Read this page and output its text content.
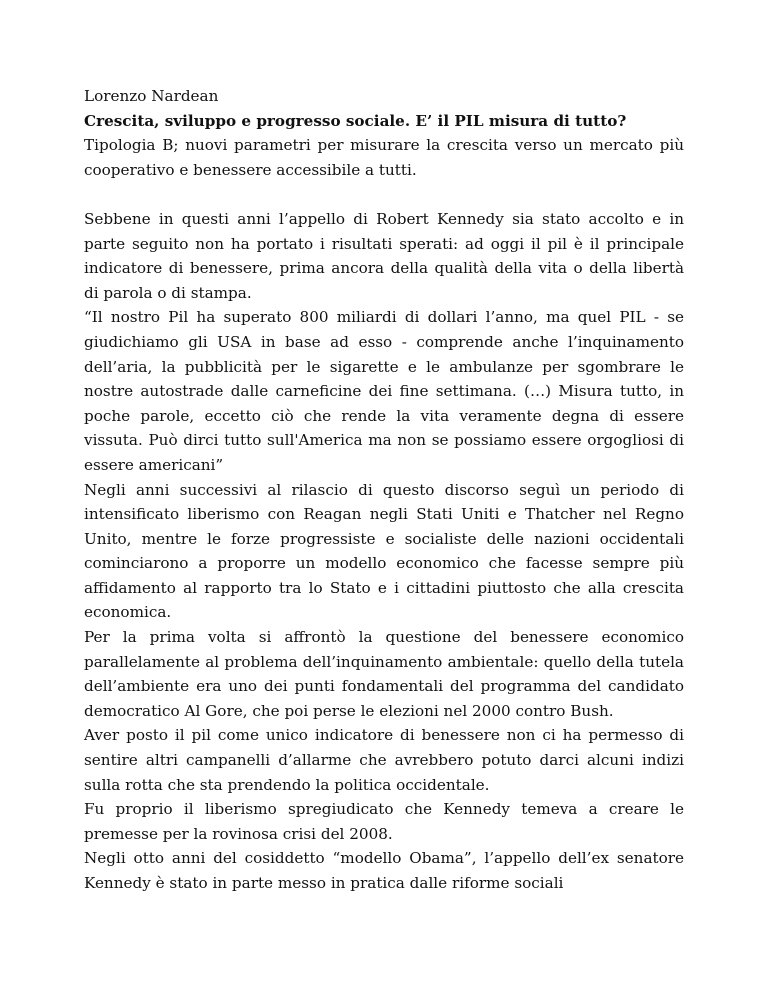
Lorenzo Nardean

Crescita, sviluppo e progresso sociale. E’ il PIL misura di tutto?

Tipologia B; nuovi parametri per misurare la crescita verso un mercato più cooperativo e benessere accessibile a tutti.

Sebbene in questi anni l’appello di Robert Kennedy sia stato accolto e in parte seguito non ha portato i risultati sperati: ad oggi il pil è il principale indicatore di benessere, prima ancora della qualità della vita o della libertà di parola o di stampa.

“Il nostro Pil ha superato 800 miliardi di dollari l’anno, ma quel PIL - se giudichiamo gli USA in base ad esso - comprende anche l’inquinamento dell’aria, la pubblicità per le sigarette e le ambulanze per sgombrare le nostre autostrade dalle carneficine dei fine settimana. (…) Misura tutto, in poche parole, eccetto ciò che rende la vita veramente degna di essere vissuta. Può dirci tutto sull'America ma non se possiamo essere orgogliosi di essere americani”

Negli anni successivi al rilascio di questo discorso seguì un periodo di intensificato liberismo con Reagan negli Stati Uniti e Thatcher nel Regno Unito, mentre le forze progressiste e socialiste delle nazioni occidentali cominciarono a proporre un modello economico che facesse sempre più affidamento al rapporto tra lo Stato e i cittadini piuttosto che alla crescita economica.

Per la prima volta si affrontò la questione del benessere economico parallelamente al problema dell’inquinamento ambientale: quello della tutela dell’ambiente era uno dei punti fondamentali del programma del candidato democratico Al Gore, che poi perse le elezioni nel 2000 contro Bush.

Aver posto il pil come unico indicatore di benessere non ci ha permesso di sentire altri campanelli d’allarme che avrebbero potuto darci alcuni indizi sulla rotta che sta prendendo la politica occidentale.

Fu proprio il liberismo spregiudicato che Kennedy temeva a creare le premesse per la rovinosa crisi del 2008.

Negli otto anni del cosiddetto “modello Obama”, l’appello dell’ex senatore Kennedy è stato in parte messo in pratica dalle riforme sociali
